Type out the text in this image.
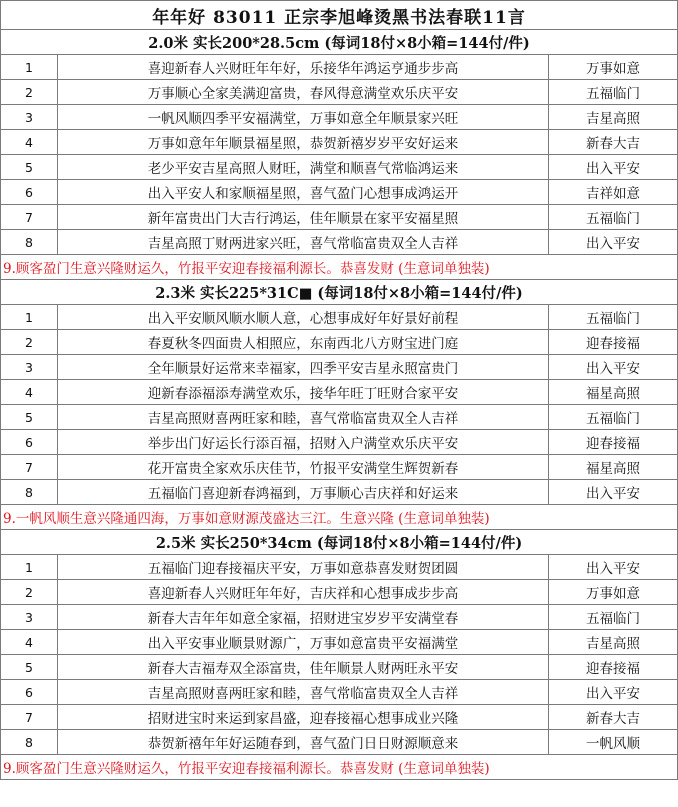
年年好 83011 正宗李旭峰烫黑书法春联11言		
2.0米 实长200*28.5cm (每词18付×8小箱=144付/件)		
1	喜迎新春人兴财旺年年好，乐接华年鸿运亨通步步高	万事如意
2	万事顺心全家美满迎富贵，春风得意满堂欢乐庆平安	五福临门
3	一帆风顺四季平安福满堂，万事如意全年顺景家兴旺	吉星高照
4	万事如意年年顺景福星照，恭贺新禧岁岁平安好运来	新春大吉
5	老少平安吉星高照人财旺，满堂和顺喜气常临鸿运来	出入平安
6	出入平安人和家顺福星照，喜气盈门心想事成鸿运开	吉祥如意
7	新年富贵出门大吉行鸿运，佳年顺景在家平安福星照	五福临门
8	吉星高照丁财两进家兴旺，喜气常临富贵双全人吉祥	出入平安
9.顾客盈门生意兴隆财运久，竹报平安迎春接福利源长。恭喜发财 (生意词单独装)		
2.3米 实长225*31C■ (每词18付×8小箱=144付/件)		
1	出入平安顺风顺水顺人意，心想事成好年好景好前程	五福临门
2	春夏秋冬四面贵人相照应，东南西北八方财宝进门庭	迎春接福
3	全年顺景好运常来幸福家，四季平安吉星永照富贵门	出入平安
4	迎新春添福添寿满堂欢乐，接华年旺丁旺财合家平安	福星高照
5	吉星高照财喜两旺家和睦，喜气常临富贵双全人吉祥	五福临门
6	举步出门好运长行添百福，招财入户满堂欢乐庆平安	迎春接福
7	花开富贵全家欢乐庆佳节，竹报平安满堂生辉贺新春	福星高照
8	五福临门喜迎新春鸿福到，万事顺心吉庆祥和好运来	出入平安
9.一帆风顺生意兴隆通四海，万事如意财源茂盛达三江。生意兴隆 (生意词单独装)		
2.5米 实长250*34cm (每词18付×8小箱=144付/件)		
1	五福临门迎春接福庆平安，万事如意恭喜发财贺团圆	出入平安
2	喜迎新春人兴财旺年年好，吉庆祥和心想事成步步高	万事如意
3	新春大吉年年如意全家福，招财进宝岁岁平安满堂春	五福临门
4	出入平安事业顺景财源广，万事如意富贵平安福满堂	吉星高照
5	新春大吉福寿双全添富贵，佳年顺景人财两旺永平安	迎春接福
6	吉星高照财喜两旺家和睦，喜气常临富贵双全人吉祥	出入平安
7	招财进宝时来运到家昌盛，迎春接福心想事成业兴隆	新春大吉
8	恭贺新禧年年好运随春到，喜气盈门日日财源顺意来	一帆风顺
9.顾客盈门生意兴隆财运久，竹报平安迎春接福利源长。恭喜发财 (生意词单独装)		
